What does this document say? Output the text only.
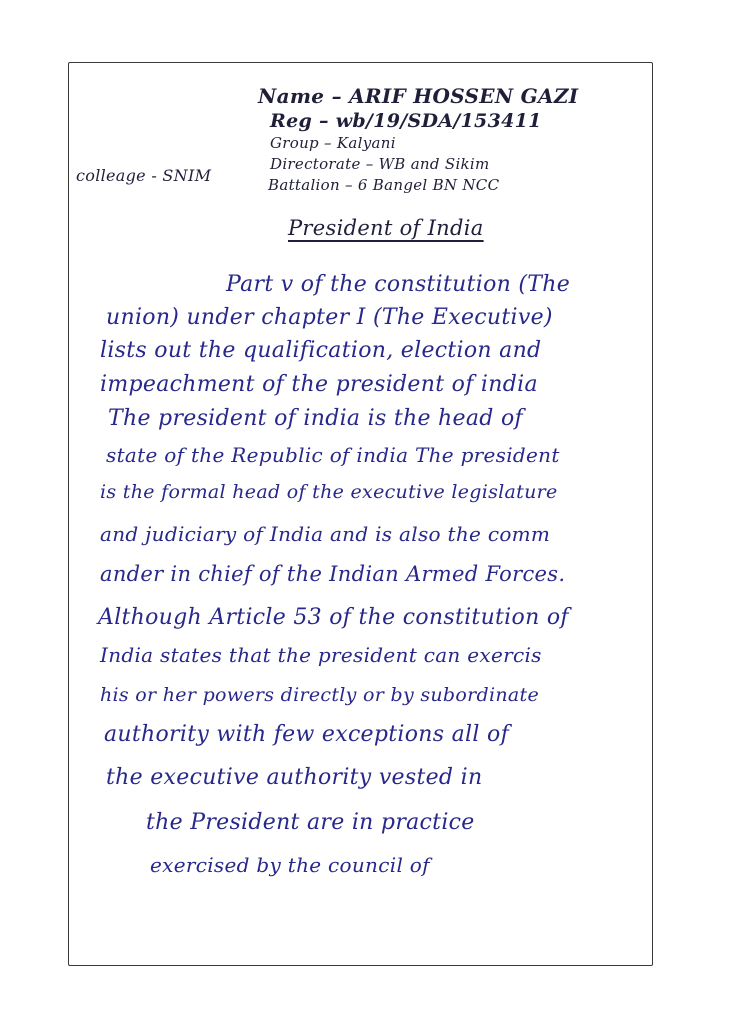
Name – ARIF HOSSEN GAZI
Reg – wb/19/SDA/153411
Group – Kalyani
Directorate – WB and Sikim
colleage - SNIM	Battalion – 6 Bangel BN NCC
President of India
Part v of the constitution (The
union) under chapter I (The Executive)
lists out the qualification, election and
impeachment of the president of india
The president of india is the head of
state of the Republic of india The president
is the formal head of the executive legislature
and judiciary of India and is also the comm
ander in chief of the Indian Armed Forces.
Although Article 53 of the constitution of
India states that the president can exercis
his or her powers directly or by subordinate
authority with few exceptions all of
the executive authority vested in
the President are in practice
exercised by the council of
